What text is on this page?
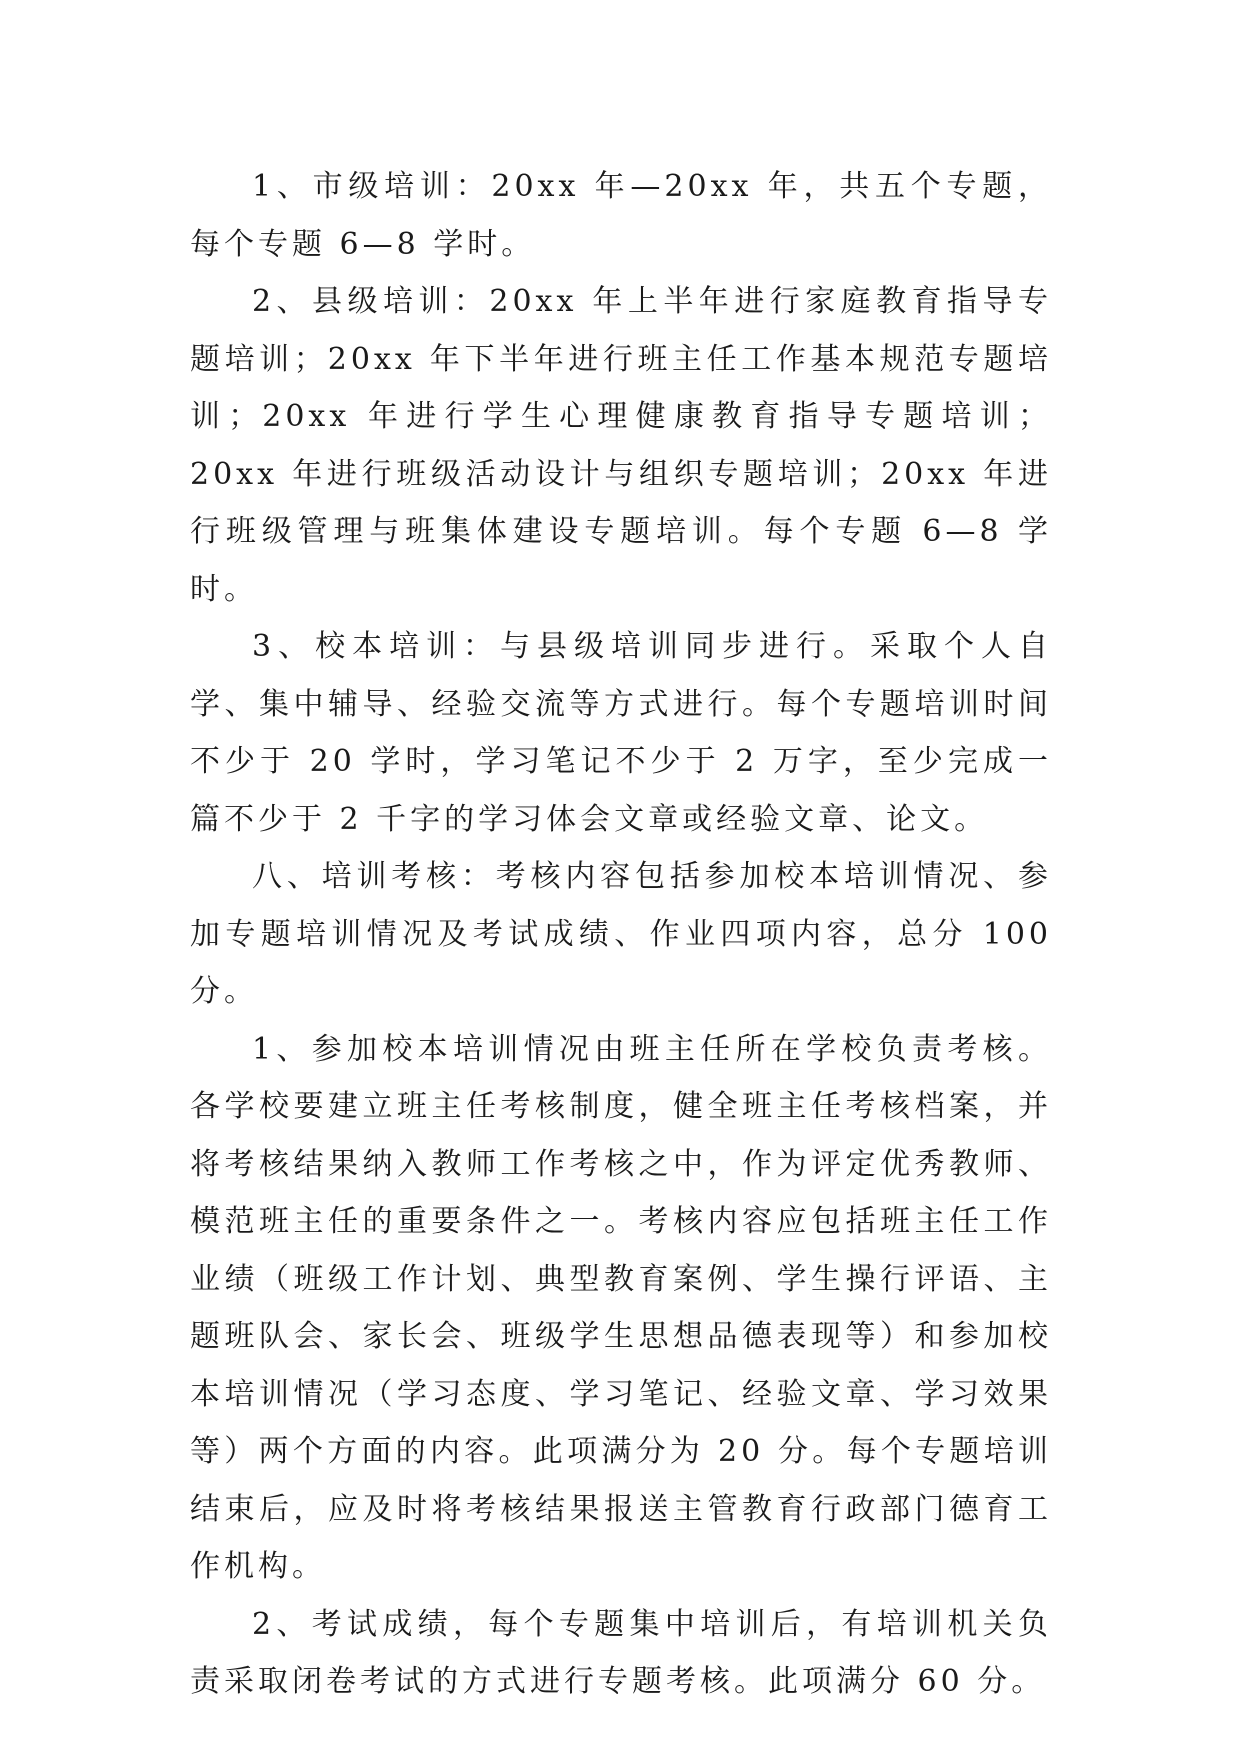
1、市级培训：20xx 年—20xx 年，共五个专题，每个专题 6—8 学时。

2、县级培训：20xx 年上半年进行家庭教育指导专题培训；20xx 年下半年进行班主任工作基本规范专题培训；20xx 年进行学生心理健康教育指导专题培训；20xx 年进行班级活动设计与组织专题培训；20xx 年进行班级管理与班集体建设专题培训。每个专题 6—8 学时。

3、校本培训：与县级培训同步进行。采取个人自学、集中辅导、经验交流等方式进行。每个专题培训时间不少于 20 学时，学习笔记不少于 2 万字，至少完成一篇不少于 2 千字的学习体会文章或经验文章、论文。

八、培训考核：考核内容包括参加校本培训情况、参加专题培训情况及考试成绩、作业四项内容，总分 100 分。

1、参加校本培训情况由班主任所在学校负责考核。各学校要建立班主任考核制度，健全班主任考核档案，并将考核结果纳入教师工作考核之中，作为评定优秀教师、模范班主任的重要条件之一。考核内容应包括班主任工作业绩（班级工作计划、典型教育案例、学生操行评语、主题班队会、家长会、班级学生思想品德表现等）和参加校本培训情况（学习态度、学习笔记、经验文章、学习效果等）两个方面的内容。此项满分为 20 分。每个专题培训结束后，应及时将考核结果报送主管教育行政部门德育工作机构。

2、考试成绩，每个专题集中培训后，有培训机关负责采取闭卷考试的方式进行专题考核。此项满分 60 分。
